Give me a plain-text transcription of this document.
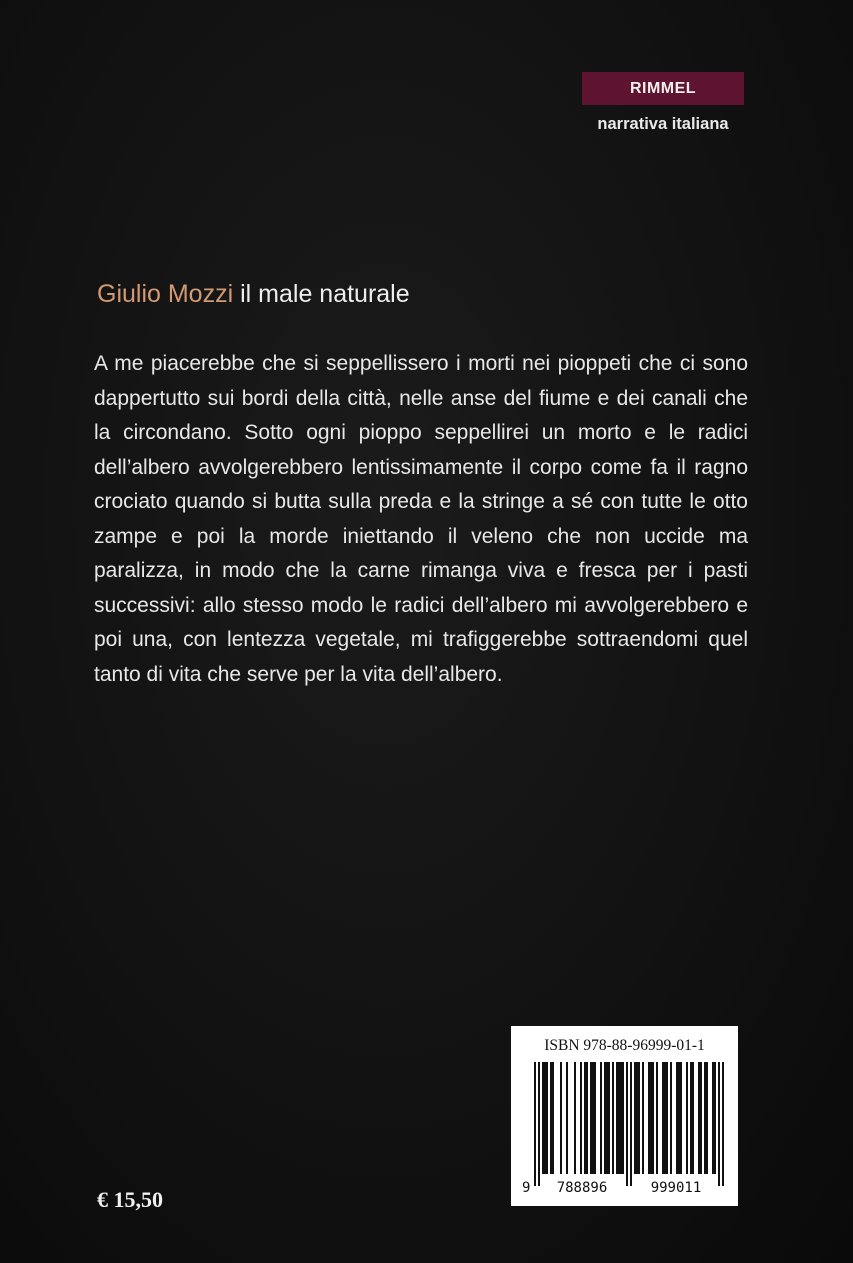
RIMMEL
narrativa italiana
Giulio Mozzi il male naturale
A me piacerebbe che si seppellissero i morti nei pioppeti che ci sono dappertutto sui bordi della città, nelle anse del fiume e dei canali che la circondano. Sotto ogni pioppo seppellirei un morto e le radici dell’albero avvolgerebbero lentissimamente il corpo come fa il ragno crociato quando si butta sulla preda e la stringe a sé con tutte le otto zampe e poi la morde iniettando il veleno che non uccide ma paralizza, in modo che la carne rimanga viva e fresca per i pasti successivi: allo stesso modo le radici dell’albero mi avvolgerebbero e poi una, con lentezza vegetale, mi trafiggerebbe sottraendomi quel tanto di vita che serve per la vita dell’albero.
ISBN 978-88-96999-01-1
9 788896	999011
€ 15,50
